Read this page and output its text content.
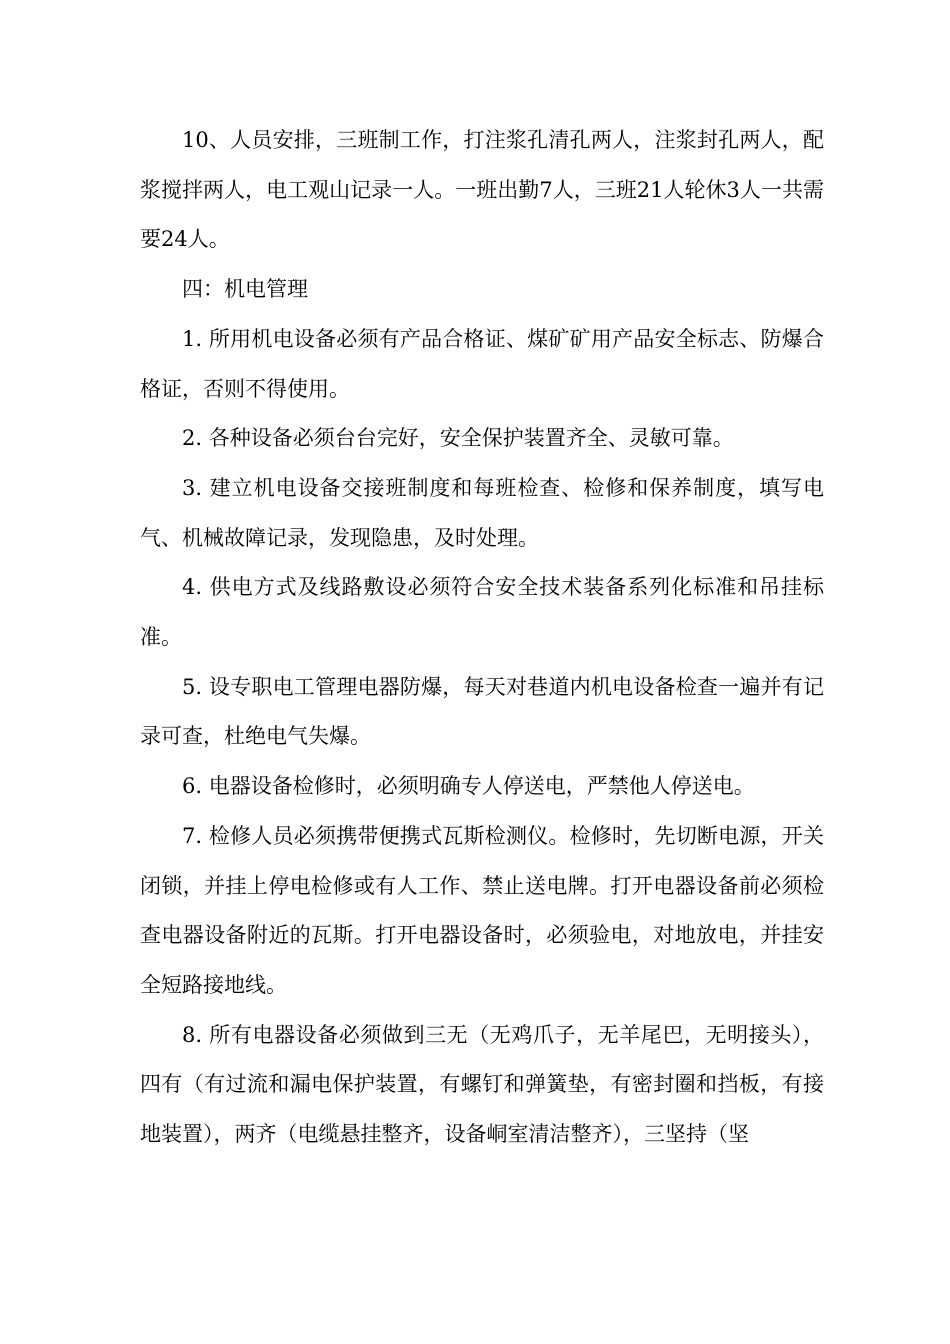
10、人员安排，三班制工作，打注浆孔清孔两人，注浆封孔两人，配浆搅拌两人，电工观山记录一人。一班出勤7人，三班21人轮休3人一共需要24人。

四：机电管理

1. 所用机电设备必须有产品合格证、煤矿矿用产品安全标志、防爆合格证，否则不得使用。

2. 各种设备必须台台完好，安全保护装置齐全、灵敏可靠。

3. 建立机电设备交接班制度和每班检查、检修和保养制度，填写电气、机械故障记录，发现隐患，及时处理。

4. 供电方式及线路敷设必须符合安全技术装备系列化标准和吊挂标准。

5. 设专职电工管理电器防爆，每天对巷道内机电设备检查一遍并有记录可查，杜绝电气失爆。

6. 电器设备检修时，必须明确专人停送电，严禁他人停送电。

7. 检修人员必须携带便携式瓦斯检测仪。检修时，先切断电源，开关闭锁，并挂上停电检修或有人工作、禁止送电牌。打开电器设备前必须检查电器设备附近的瓦斯。打开电器设备时，必须验电，对地放电，并挂安全短路接地线。

8. 所有电器设备必须做到三无（无鸡爪子，无羊尾巴，无明接头），四有（有过流和漏电保护装置，有螺钉和弹簧垫，有密封圈和挡板，有接地装置），两齐（电缆悬挂整齐，设备峒室清洁整齐），三坚持（坚
